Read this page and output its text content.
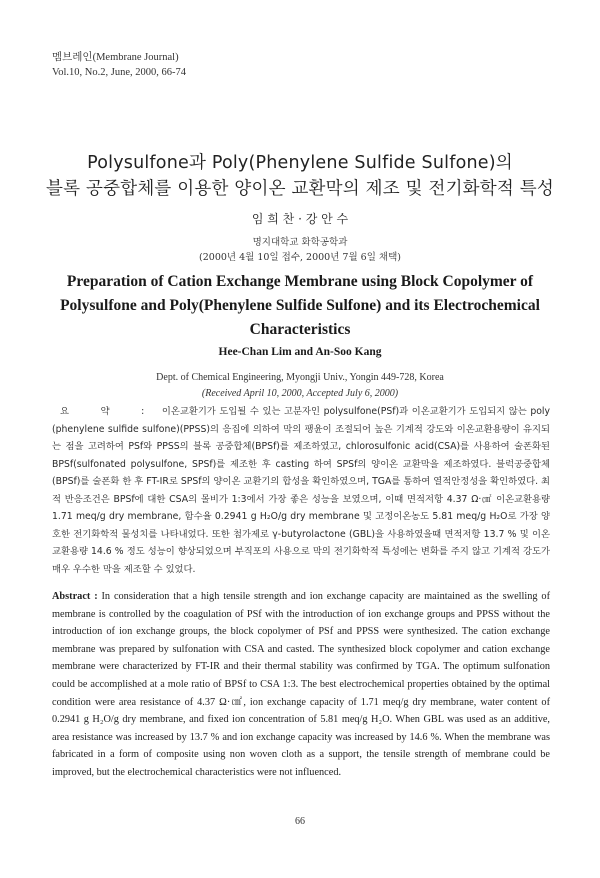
멤브레인(Membrane Journal)
Vol.10, No.2, June, 2000, 66-74
Polysulfone과 Poly(Phenylene Sulfide Sulfone)의
블록 공중합체를 이용한 양이온 교환막의 제조 및 전기화학적 특성
임 희 찬 · 강 안 수
명지대학교 화학공학과
(2000년 4월 10일 접수, 2000년 7월 6일 채택)
Preparation of Cation Exchange Membrane using Block Copolymer of Polysulfone and Poly(Phenylene Sulfide Sulfone) and its Electrochemical Characteristics
Hee-Chan Lim and An-Soo Kang
Dept. of Chemical Engineering, Myongji Univ., Yongin 449-728, Korea
(Received April 10, 2000, Accepted July 6, 2000)
요 약 : 이온교환기가 도입될 수 있는 고분자인 polysulfone(PSf)과 이온교환기가 도입되지 않는 poly (phenylene sulfide sulfone)(PPSS)의 응집에 의하여 막의 팽윤이 조절되어 높은 기계적 강도와 이온교환용량이 유지되는 점을 고려하여 PSf와 PPSS의 블록 공중합체(BPSf)를 제조하였고, chlorosulfonic acid(CSA)를 사용하여 술폰화된 BPSf(sulfonated polysulfone, SPSf)를 제조한 후 casting 하여 SPSf의 양이온 교환막을 제조하였다. 블럭공중합체(BPSf)를 술폰화 한 후 FT-IR로 SPSf의 양이온 교환기의 합성을 확인하였으며, TGA를 통하여 열적안정성을 확인하였다. 최적 반응조건은 BPSf에 대한 CSA의 몰비가 1:3에서 가장 좋은 성능을 보였으며, 이때 면적저항 4.37 Ω·㎠ 이온교환용량 1.71 meq/g dry membrane, 함수율 0.2941 g H₂O/g dry membrane 및 고정이온농도 5.81 meq/g H₂O로 가장 양호한 전기화학적 물성치를 나타내었다. 또한 첨가제로 γ-butyrolactone (GBL)을 사용하였을때 면적저항 13.7 % 및 이온교환용량 14.6 % 정도 성능이 향상되었으며 부직포의 사용으로 막의 전기화학적 특성에는 변화를 주지 않고 기계적 강도가 매우 우수한 막을 제조할 수 있었다.
Abstract : In consideration that a high tensile strength and ion exchange capacity are maintained as the swelling of membrane is controlled by the coagulation of PSf with the introduction of ion exchange groups and PPSS without the introduction of ion exchange groups, the block copolymer of PSf and PPSS were synthesized. The cation exchange membrane was prepared by sulfonation with CSA and casted. The synthesized block copolymer and cation exchange membrane were characterized by FT-IR and their thermal stability was confirmed by TGA. The optimum sulfonation could be accomplished at a mole ratio of BPSf to CSA 1:3. The best electrochemical properties obtained by the optimal condition were area resistance of 4.37 Ω·㎠, ion exchange capacity of 1.71 meq/g dry membrane, water content of 0.2941 g H₂O/g dry membrane, and fixed ion concentration of 5.81 meq/g H₂O. When GBL was used as an additive, area resistance was increased by 13.7 % and ion exchange capacity was increased by 14.6 %. When the membrane was fabricated in a form of composite using non woven cloth as a support, the tensile strength of membrane could be improved, but the electrochemical characteristics were not influenced.
66
